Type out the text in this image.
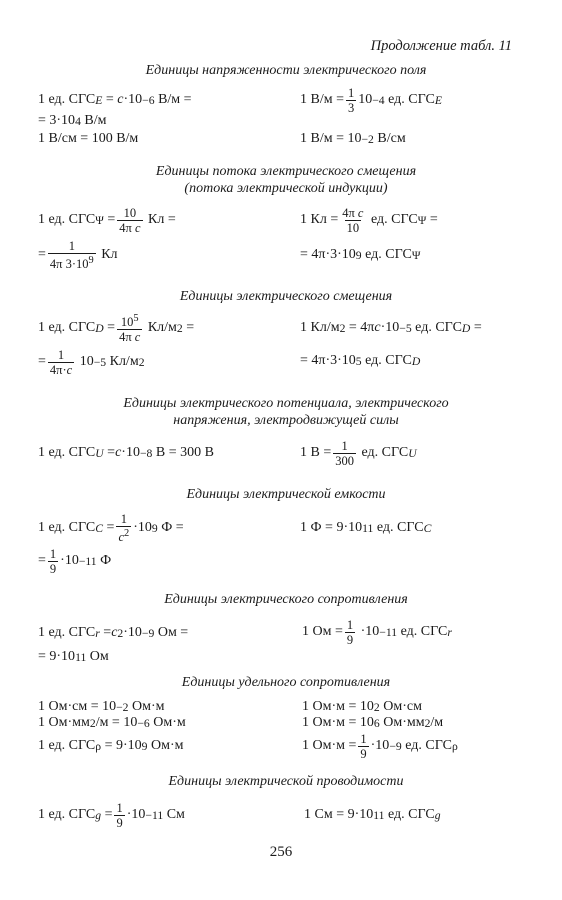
Продолжение табл. 11
Единицы напряженности электрического поля
1 ед. СГС E = c ·10 −6 В/м =
= 3·10 4 В/м
1 В/см = 100 В/м
1 $В/м = \frac{1}{3} 10 -4$ ед. СГС E
1 В/м = 10 −2 В/см
Единицы потока электрического смещения
(потока электрической индукции)
1 ед. СГС $\Psi = \frac{10}{\text{4π c}}$ Кл =
= $\frac{1}{4\pi 3\cdot 10^9}$ Кл
1 Кл = $\frac{\text{4π c}}{10}$ ед. СГС Ψ =
= 4π·3·10 9 ед. СГС Ψ
Единицы электрического смещения
1 ед. СГС $D = \frac{10^5}{\text{4π c}} Кл/м$ 2 =
= $\frac{1}{4\pi\cdot c} 10 -5$ Кл/м 2
1 Кл/м 2 = 4π c ·10 −5 ед. СГС D =
= 4π·3·10 5 ед. СГС D
Единицы электрического потенциала, электрического
напряжения, электродвижущей силы
1 ед. СГС U = c ·10 −8 В = 300 В	1 $В = \frac{1}{300}$ ед. СГС U
Единицы электрической емкости
1 ед. СГС $C = \frac{1}{c^2} \cdot 10$ 9 Ф =
= $\frac{1}{9} \cdot 10 -11$ Ф
1 Ф = 9·10 11 ед. СГС C
Единицы электрического сопротивления
1 ед. СГС r = c 2 ·10 −9 Ом =
= 9·10 11 Ом
1 Ом = $\frac{1}{9} \cdot 10 -11$ ед. СГС r
Единицы удельного сопротивления
1 Ом·см = 10 −2 Ом·м
1 Ом·мм 2 /м = 10 −6 Ом·м
1 ед. СГС ρ = 9·10 9 Ом·м
1 Ом·м = 10 2 Ом·см
1 Ом·м = 10 6 Ом·мм 2 /м
1 $Ом\cdot м = \frac{1}{9} \cdot 10 -9$ ед. СГС ρ
Единицы электрической проводимости
1 ед. СГС $g = \frac{1}{9} \cdot 10 -11$ См	1 См = 9·10 11 ед. СГС g
256
